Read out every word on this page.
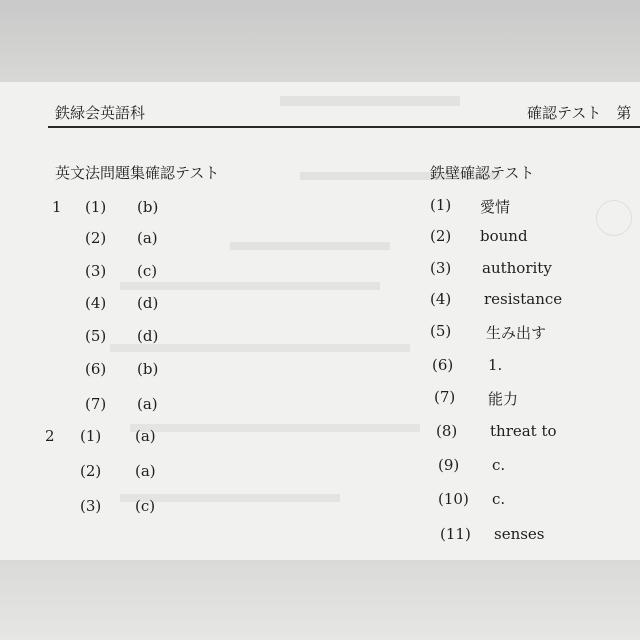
鉄緑会英語科	確認テスト　第
英文法問題集確認テスト
1 (1) (b)
(2) (a)
(3) (c)
(4) (d)
(5) (d)
(6) (b)
(7) (a)
2 (1) (a)
(2) (a)
(3) (c)
鉄壁確認テスト
(1) 愛情
(2) bound
(3) authority
(4) resistance
(5) 生み出す
(6) 1.
(7) 能力
(8) threat to
(9) c.
(10) c.
(11) senses
